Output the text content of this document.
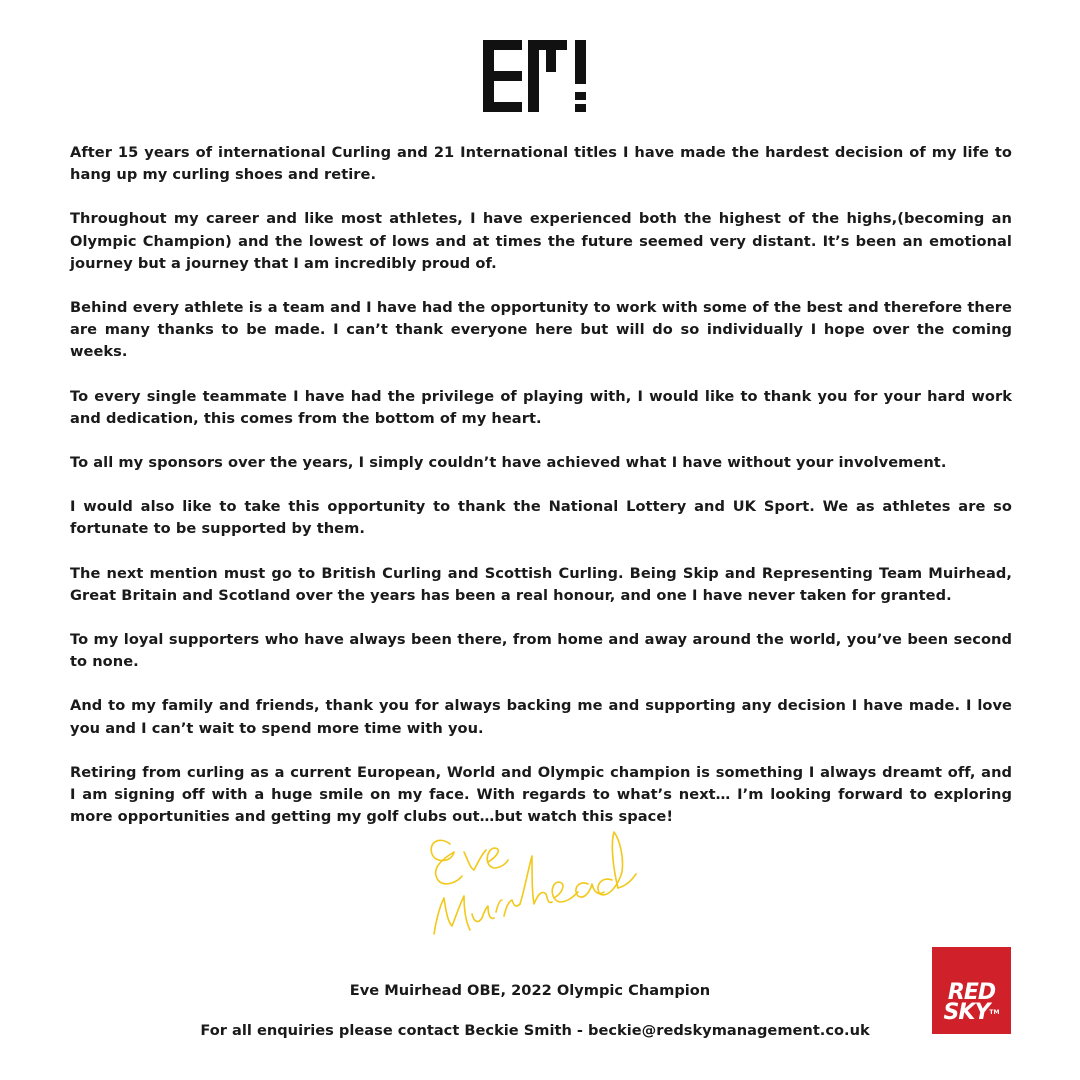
After 15 years of international Curling and 21 International titles I have made the hardest decision of my life to hang up my curling shoes and retire.

Throughout my career and like most athletes, I have experienced both the highest of the highs,(becoming an Olympic Champion) and the lowest of lows and at times the future seemed very distant. It’s been an emotional journey but a journey that I am incredibly proud of.

Behind every athlete is a team and I have had the opportunity to work with some of the best and therefore there are many thanks to be made. I can’t thank everyone here but will do so individually I hope over the coming weeks.

To every single teammate I have had the privilege of playing with, I would like to thank you for your hard work and dedication, this comes from the bottom of my heart.

To all my sponsors over the years, I simply couldn’t have achieved what I have without your involvement.

I would also like to take this opportunity to thank the National Lottery and UK Sport. We as athletes are so fortunate to be supported by them.

The next mention must go to British Curling and Scottish Curling. Being Skip and Representing Team Muirhead, Great Britain and Scotland over the years has been a real honour, and one I have never taken for granted.

To my loyal supporters who have always been there, from home and away around the world, you’ve been second to none.

And to my family and friends, thank you for always backing me and supporting any decision I have made. I love you and I can’t wait to spend more time with you.

Retiring from curling as a current European, World and Olympic champion is something I always dreamt off, and I am signing off with a huge smile on my face. With regards to what’s next… I’m looking forward to exploring more opportunities and getting my golf clubs out…but watch this space!

Eve Muirhead OBE, 2022 Olympic Champion
For all enquiries please contact Beckie Smith - beckie@redskymanagement.co.uk
RED
SKY™
